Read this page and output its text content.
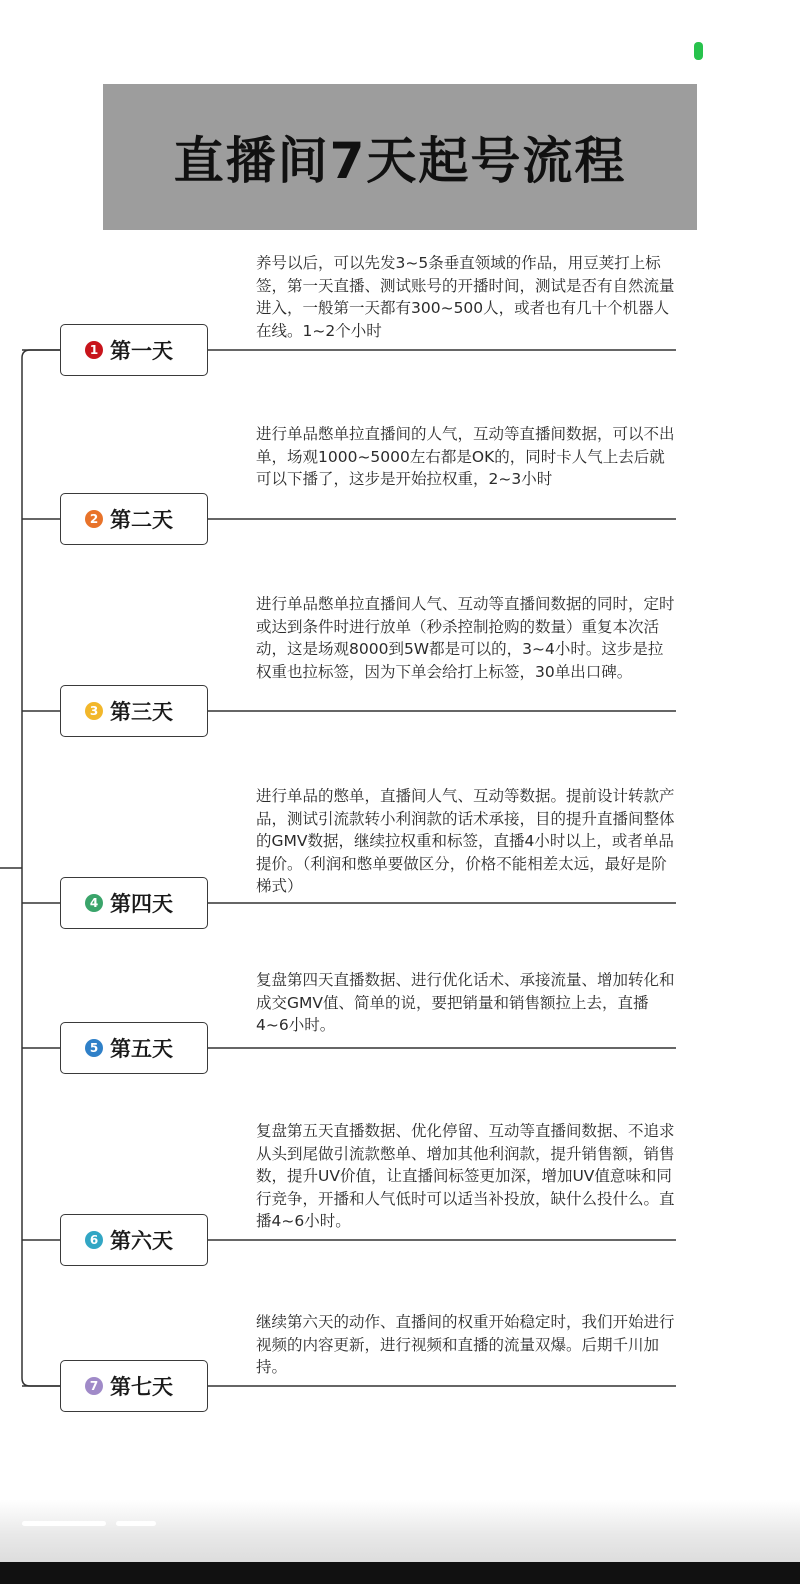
直播间7天起号流程

养号以后，可以先发3~5条垂直领域的作品，用豆荚打上标签，第一天直播、测试账号的开播时间，测试是否有自然流量进入，一般第一天都有300~500人，或者也有几十个机器人在线。1~2个小时

1 第一天

进行单品憋单拉直播间的人气，互动等直播间数据，可以不出单，场观1000~5000左右都是OK的，同时卡人气上去后就可以下播了，这步是开始拉权重，2~3小时

2 第二天

进行单品憋单拉直播间人气、互动等直播间数据的同时，定时或达到条件时进行放单（秒杀控制抢购的数量）重复本次活动，这是场观8000到5W都是可以的，3~4小时。这步是拉权重也拉标签，因为下单会给打上标签，30单出口碑。

3 第三天

进行单品的憋单，直播间人气、互动等数据。提前设计转款产品，测试引流款转小利润款的话术承接，目的提升直播间整体的GMV数据，继续拉权重和标签，直播4小时以上，或者单品提价。（利润和憋单要做区分，价格不能相差太远，最好是阶梯式）

4 第四天

复盘第四天直播数据、进行优化话术、承接流量、增加转化和成交GMV值、简单的说，要把销量和销售额拉上去，直播4~6小时。

5 第五天

复盘第五天直播数据、优化停留、互动等直播间数据、不追求从头到尾做引流款憋单、增加其他利润款，提升销售额，销售数，提升UV价值，让直播间标签更加深，增加UV值意味和同行竞争，开播和人气低时可以适当补投放，缺什么投什么。直播4~6小时。

6 第六天

继续第六天的动作、直播间的权重开始稳定时，我们开始进行视频的内容更新，进行视频和直播的流量双爆。后期千川加持。

7 第七天
